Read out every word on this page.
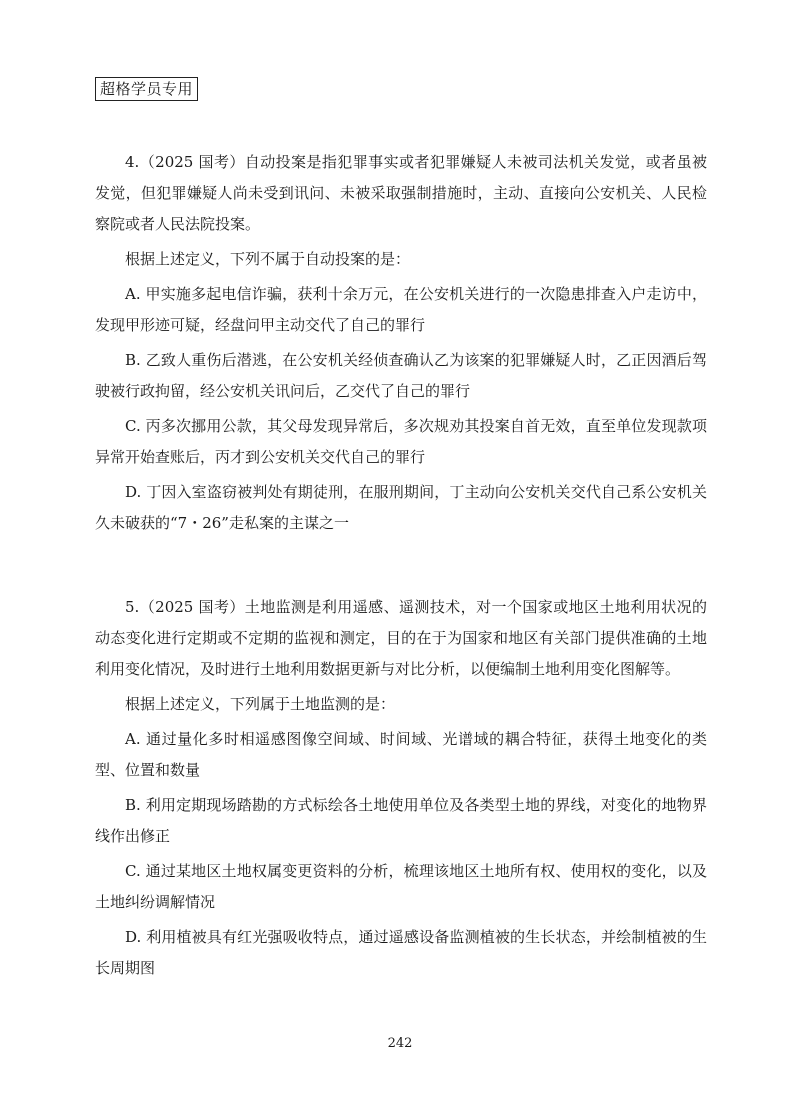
超格学员专用

4.（2025 国考）自动投案是指犯罪事实或者犯罪嫌疑人未被司法机关发觉，或者虽被发觉，但犯罪嫌疑人尚未受到讯问、未被采取强制措施时，主动、直接向公安机关、人民检察院或者人民法院投案。

根据上述定义，下列不属于自动投案的是：

A. 甲实施多起电信诈骗，获利十余万元，在公安机关进行的一次隐患排查入户走访中，发现甲形迹可疑，经盘问甲主动交代了自己的罪行

B. 乙致人重伤后潜逃，在公安机关经侦查确认乙为该案的犯罪嫌疑人时，乙正因酒后驾驶被行政拘留，经公安机关讯问后，乙交代了自己的罪行

C. 丙多次挪用公款，其父母发现异常后，多次规劝其投案自首无效，直至单位发现款项异常开始查账后，丙才到公安机关交代自己的罪行

D. 丁因入室盗窃被判处有期徒刑，在服刑期间，丁主动向公安机关交代自己系公安机关久未破获的“7・26”走私案的主谋之一

5.（2025 国考）土地监测是利用遥感、遥测技术，对一个国家或地区土地利用状况的动态变化进行定期或不定期的监视和测定，目的在于为国家和地区有关部门提供准确的土地利用变化情况，及时进行土地利用数据更新与对比分析，以便编制土地利用变化图解等。

根据上述定义，下列属于土地监测的是：

A. 通过量化多时相遥感图像空间域、时间域、光谱域的耦合特征，获得土地变化的类型、位置和数量

B. 利用定期现场踏勘的方式标绘各土地使用单位及各类型土地的界线，对变化的地物界线作出修正

C. 通过某地区土地权属变更资料的分析，梳理该地区土地所有权、使用权的变化，以及土地纠纷调解情况

D. 利用植被具有红光强吸收特点，通过遥感设备监测植被的生长状态，并绘制植被的生长周期图

242
